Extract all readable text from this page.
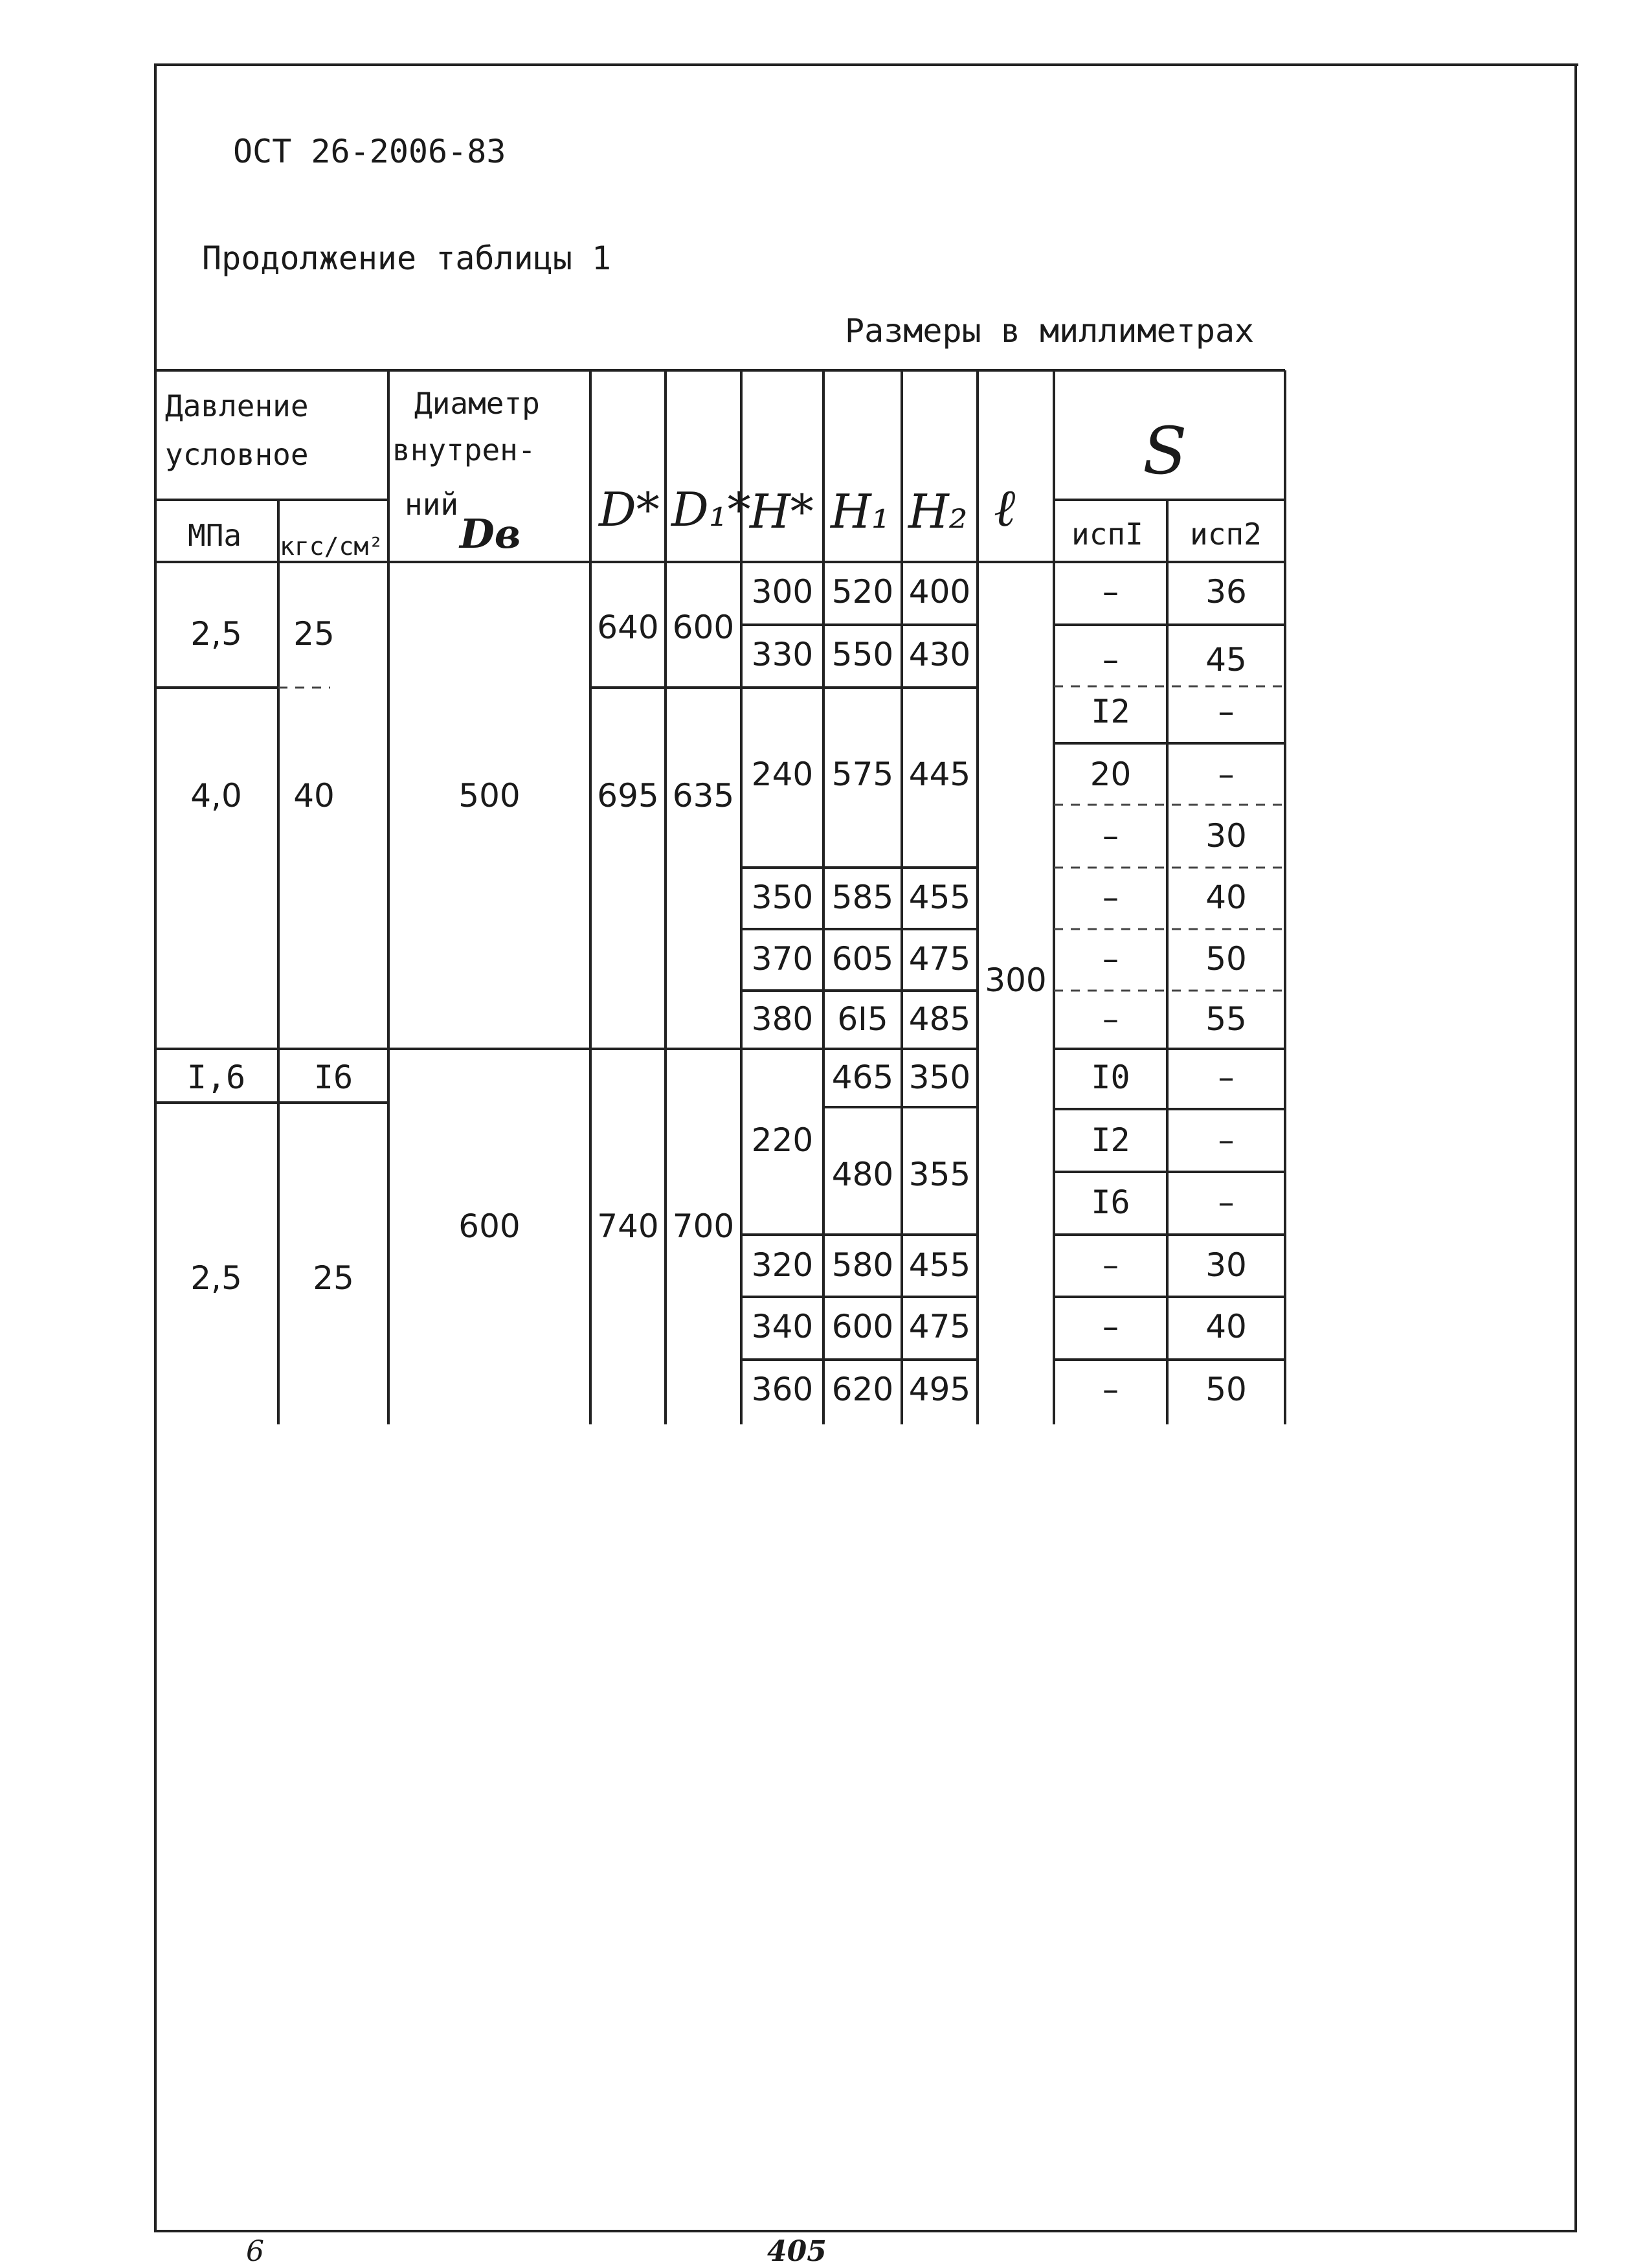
ОСТ 26-2006-83
Продолжение таблицы 1
Размеры в миллиметрах
Давление
условное
МПа кгс/см²
Диаметр
внутрен-
ний
Dв D* D₁*
H* H₁ H₂ ℓ
S
испI исп2
2,5
4,0
I,6
2,5
25
40
I6
25
500
600
640
695
740
600
635
700
300
330
240
350
370
380
220
320
340
360
520
550
575
585
605
6I5
465
480
580
600
620
400
430
445
455
475
485
350
355
455
475
495
300
–
–
I2
20
–
–
–
–
I0
I2
I6
–
–
–
36
45
–
–
30
40
50
55
–
–
–
30
40
50
6	405
